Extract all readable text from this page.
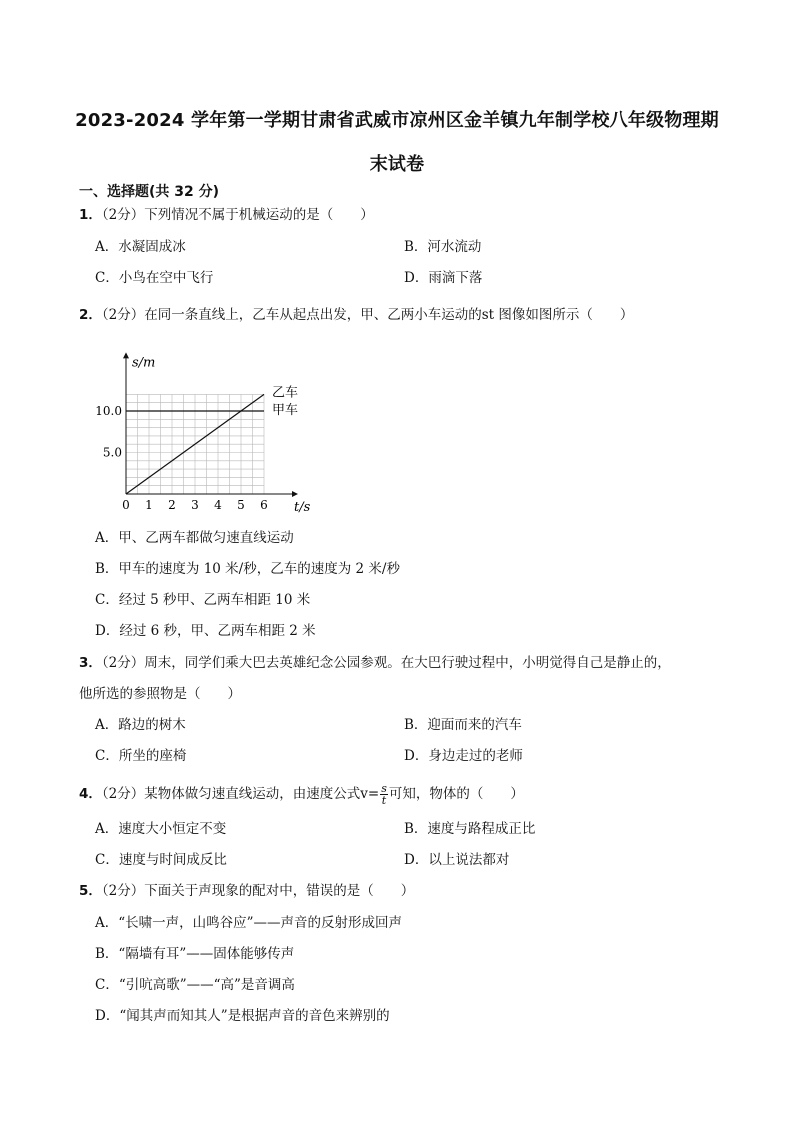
2023-2024 学年第一学期甘肃省武威市凉州区金羊镇九年制学校八年级物理期
末试卷
一、选择题(共 32 分)
1．（2分）下列情况不属于机械运动的是（　　）
A．水凝固成冰	B．河水流动
C．小鸟在空中飞行	D．雨滴下落
2．（2分）在同一条直线上，乙车从起点出发，甲、乙两小车运动的st 图像如图所示（　　）
0 1 2 3 4 5 6
5.0
10.0
t/s
s/m
乙车
甲车
A．甲、乙两车都做匀速直线运动
B．甲车的速度为 10 米/秒，乙车的速度为 2 米/秒
C．经过 5 秒甲、乙两车相距 10 米
D．经过 6 秒，甲、乙两车相距 2 米
3．（2分）周末，同学们乘大巴去英雄纪念公园参观。在大巴行驶过程中，小明觉得自己是静止的，
他所选的参照物是（　　）
A．路边的树木	B．迎面而来的汽车
C．所坐的座椅	D．身边走过的老师
4．（2分）某物体做匀速直线运动，由速度公式$v= \frac{s}{t}$ 可知，物体的（　　）
A．速度大小恒定不变	B．速度与路程成正比
C．速度与时间成反比	D．以上说法都对
5．（2分）下面关于声现象的配对中，错误的是（　　）
A．“长啸一声，山鸣谷应”——声音的反射形成回声
B．“隔墙有耳”——固体能够传声
C．“引吭高歌”——“高”是音调高
D．“闻其声而知其人”是根据声音的音色来辨别的
